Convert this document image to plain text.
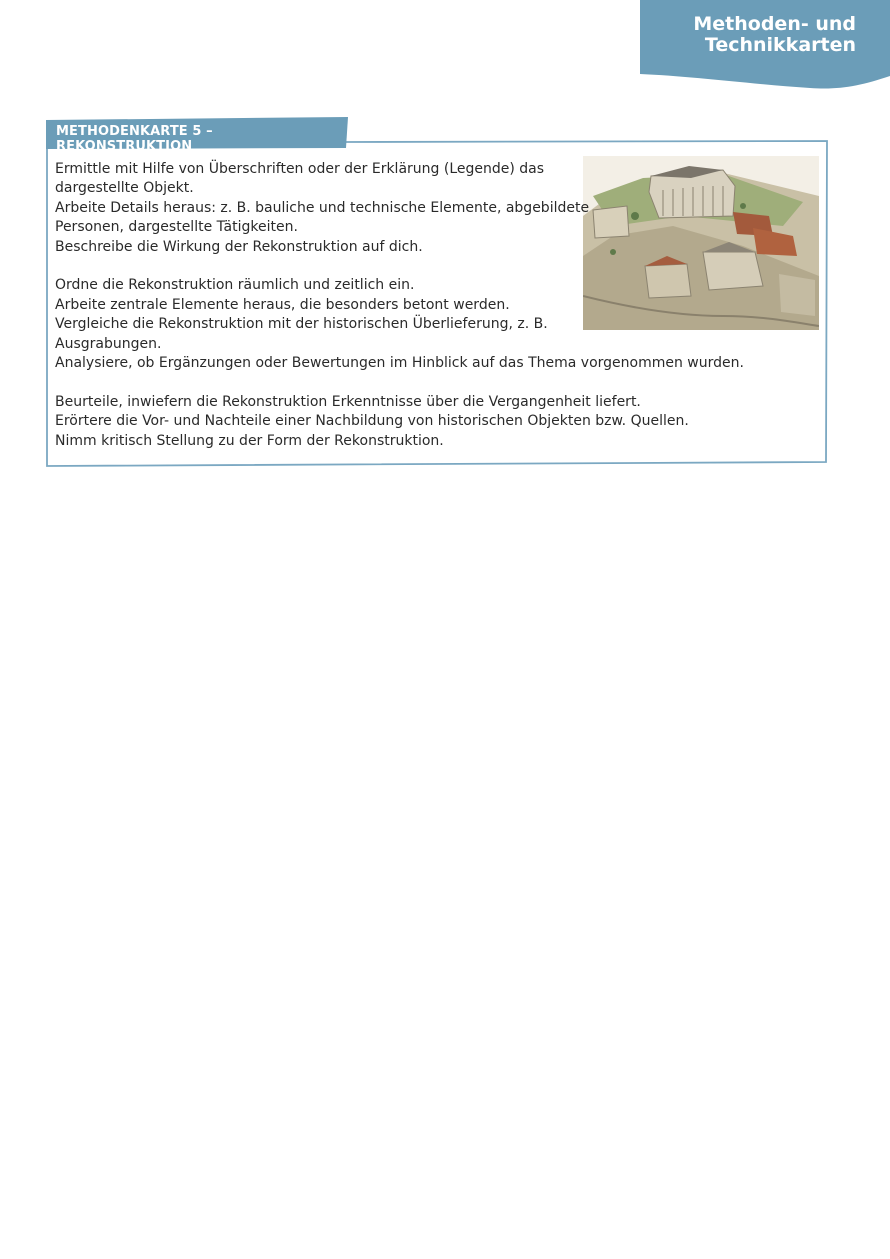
Methoden- und
Technikkarten
METHODENKARTE 5 – REKONSTRUKTION
Ermittle mit Hilfe von Überschriften oder der Erklärung (Legende) das
dargestellte Objekt.
Arbeite Details heraus: z. B. bauliche und technische Elemente, abgebildete
Personen, dargestellte Tätigkeiten.
Beschreibe die Wirkung der Rekonstruktion auf dich.
Ordne die Rekonstruktion räumlich und zeitlich ein.
Arbeite zentrale Elemente heraus, die besonders betont werden.
Vergleiche die Rekonstruktion mit der historischen Überlieferung, z. B.
Ausgrabungen.
Analysiere, ob Ergänzungen oder Bewertungen im Hinblick auf das Thema vorgenommen wurden.
Beurteile, inwiefern die Rekonstruktion Erkenntnisse über die Vergangenheit liefert.
Erörtere die Vor- und Nachteile einer Nachbildung von historischen Objekten bzw. Quellen.
Nimm kritisch Stellung zu der Form der Rekonstruktion.
